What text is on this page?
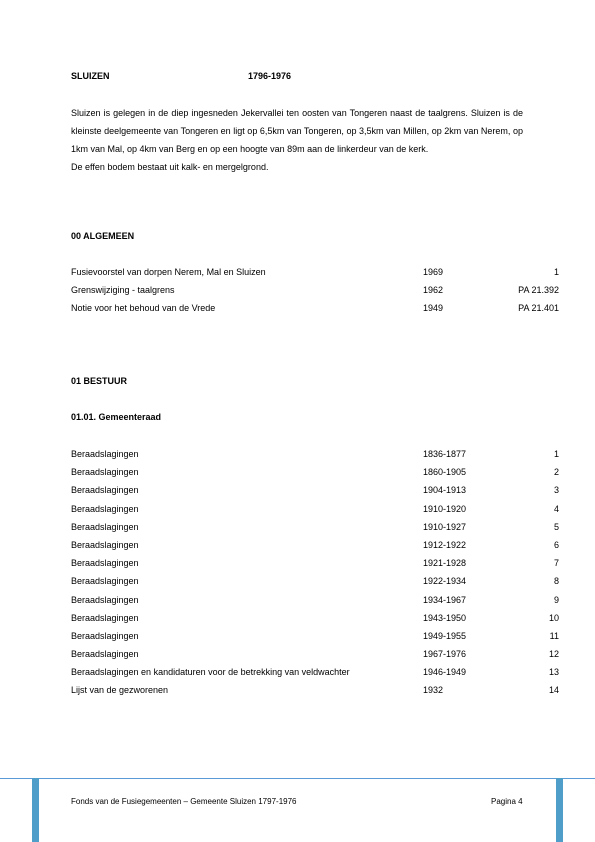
SLUIZEN	1796-1976

Sluizen is gelegen in de diep ingesneden Jekervallei ten oosten van Tongeren naast de taalgrens. Sluizen is de kleinste deelgemeente van Tongeren en ligt op 6,5km van Tongeren, op 3,5km van Millen, op 2km van Nerem, op 1km van Mal, op 4km van Berg en op een hoogte van 89m aan de linkerdeur van de kerk.

De effen bodem bestaat uit kalk- en mergelgrond.

00 ALGEMEEN
Fusievoorstel van dorpen Nerem, Mal en Sluizen	1969	1
Grenswijziging - taalgrens	1962	PA 21.392
Notie voor het behoud van de Vrede	1949	PA 21.401
01 BESTUUR
01.01. Gemeenteraad
Beraadslagingen	1836-1877	1
Beraadslagingen	1860-1905	2
Beraadslagingen	1904-1913	3
Beraadslagingen	1910-1920	4
Beraadslagingen	1910-1927	5
Beraadslagingen	1912-1922	6
Beraadslagingen	1921-1928	7
Beraadslagingen	1922-1934	8
Beraadslagingen	1934-1967	9
Beraadslagingen	1943-1950	10
Beraadslagingen	1949-1955	11
Beraadslagingen	1967-1976	12
Beraadslagingen en kandidaturen voor de betrekking van veldwachter	1946-1949	13
Lijst van de gezworenen	1932	14
Fonds van de Fusiegemeenten – Gemeente Sluizen 1797-1976	Pagina 4
